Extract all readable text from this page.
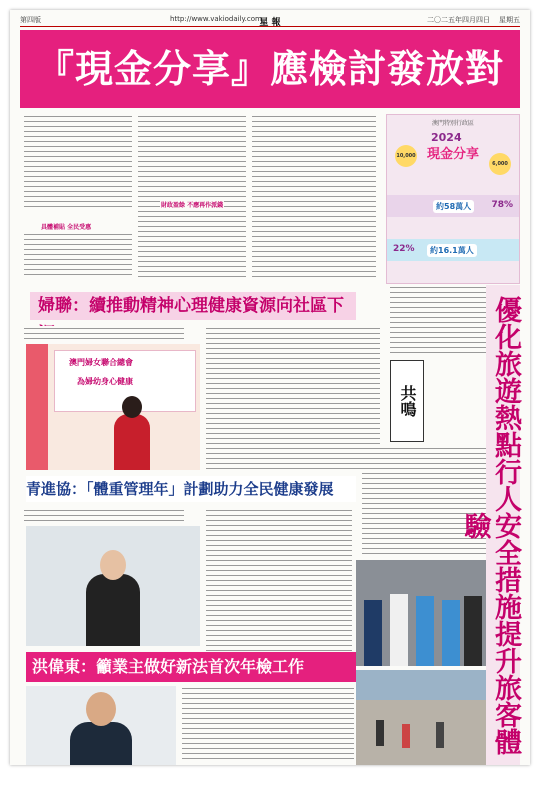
第四版	http://www.vakiodaily.com
星 報	二〇二五年四月四日 星期五
『現金分享』應檢討發放對
具體補貼 全民受惠
財政盈餘 不應再作派錢
澳門特別行政區
2024
現金分享
10,000
6,000
約58萬人	78%
22%	約16.1萬人
婦聯：續推動精神心理健康資源向社區下
澳門婦女聯合總會
為婦幼身心健康
共鳴
青進協：「體重管理年」計劃助力全民健康發展
洪偉東：籲業主做好新法首次年檢工作	優化旅遊熱點行人安全措施提升旅客體驗
